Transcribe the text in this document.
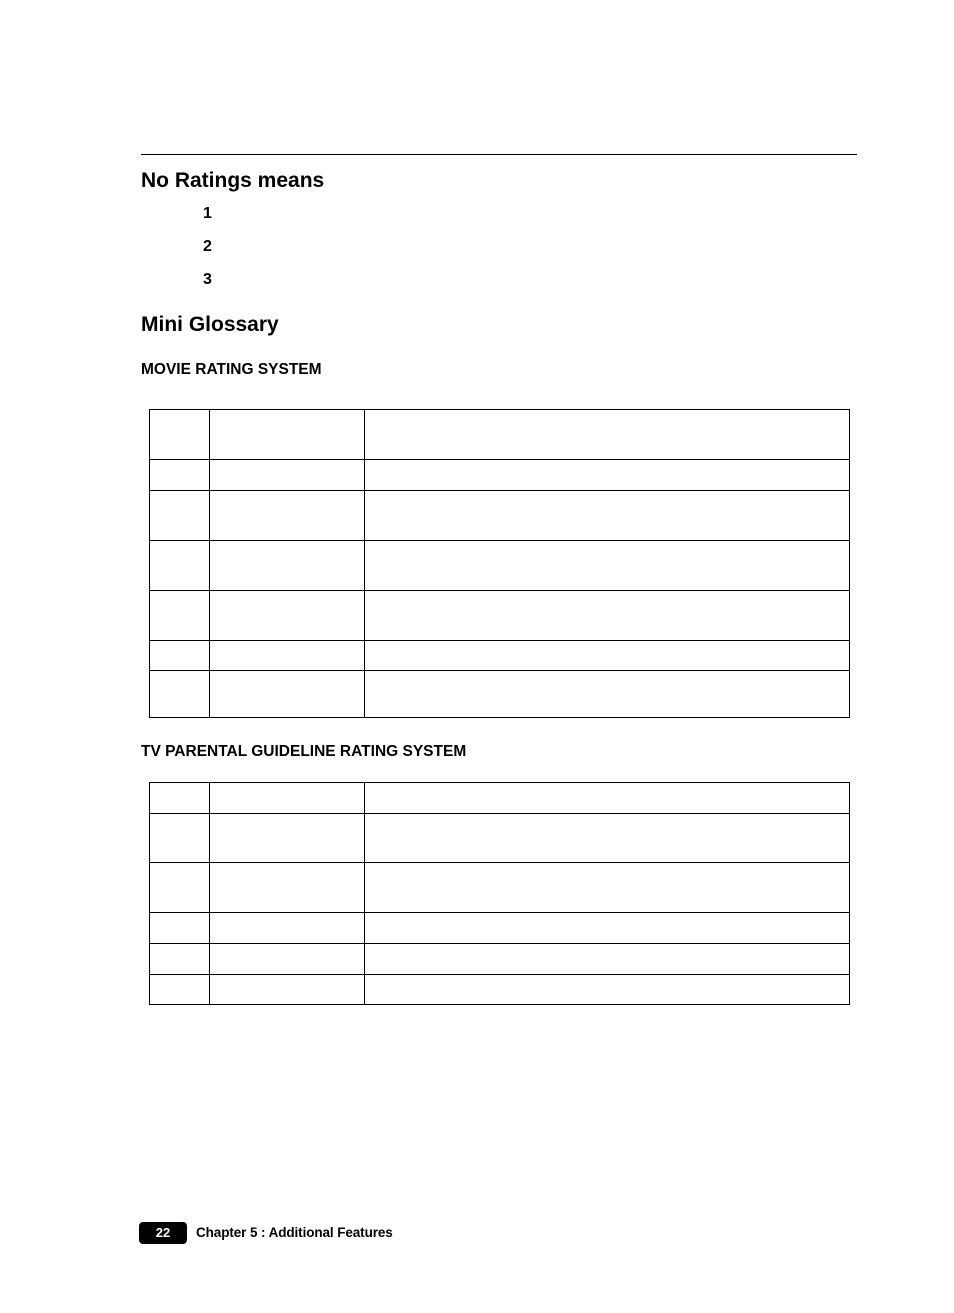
No Ratings means
1
2
3
Mini Glossary
MOVIE RATING SYSTEM

TV PARENTAL GUIDELINE RATING SYSTEM

22	Chapter 5 : Additional Features
